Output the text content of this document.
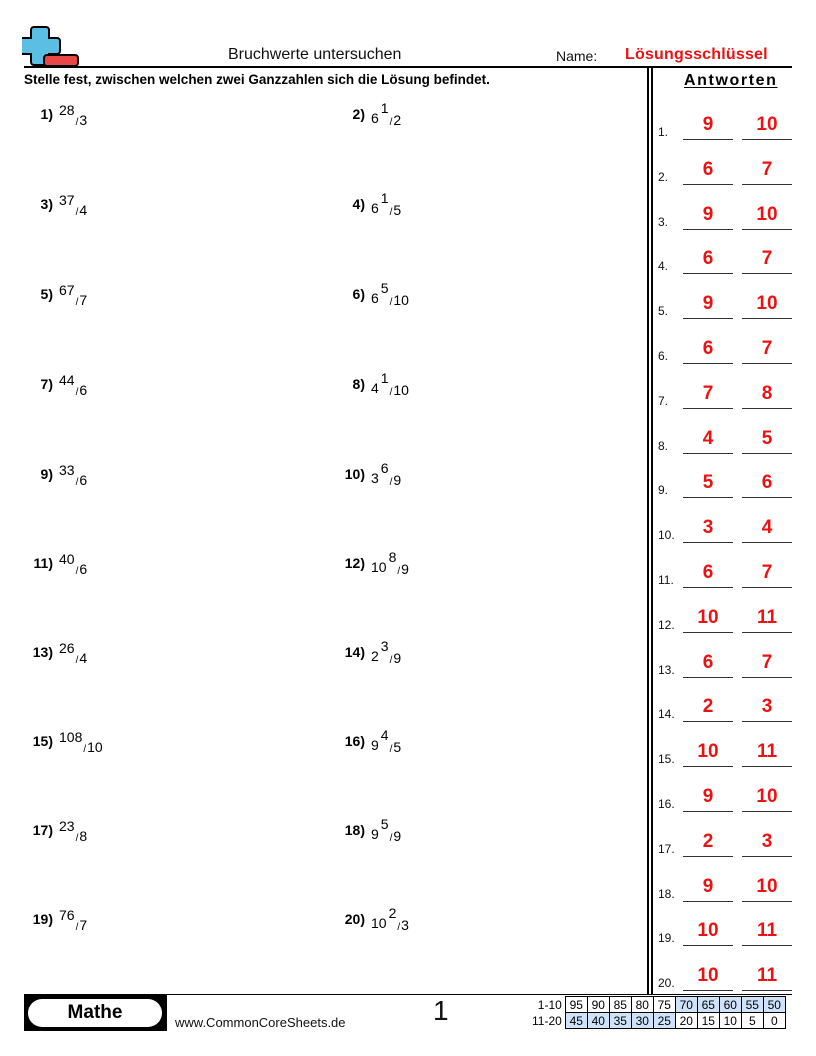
Bruchwerte untersuchen	Name: Lösungsschlüssel
Stelle fest, zwischen welchen zwei Ganzzahlen sich die Lösung befindet.
1) $28_/3$	2) $61_/2$
3) $37_/4$	4) $61_/5$
5) $67_/7$	6) $65_/10$
7) $44_/6$	8) $41_/10$
9) $33_/6$	10) $36_/9$
11) $40_/6$	12) $108_/9$
13) $26_/4$	14) $23_/9$
15) $108_/10$	16) $94_/5$
17) $23_/8$	18) $95_/9$
19) $76_/7$	20) $102_/3$
Antworten
1.	9	10
2.	6	7
3.	9	10
4.	6	7
5.	9	10
6.	6	7
7.	7	8
8.	4	5
9.	5	6
10.	3	4
11.	6	7
12.	10	11
13.	6	7
14.	2	3
15.	10	11
16.	9	10
17.	2	3
18.	9	10
19.	10	11
20.	10	11
Mathe	www.CommonCoreSheets.de	1	1-10	95	90	85	80	75	70	65	60	55	50
11-20	45	40	35	30	25	20	15	10	5	0
